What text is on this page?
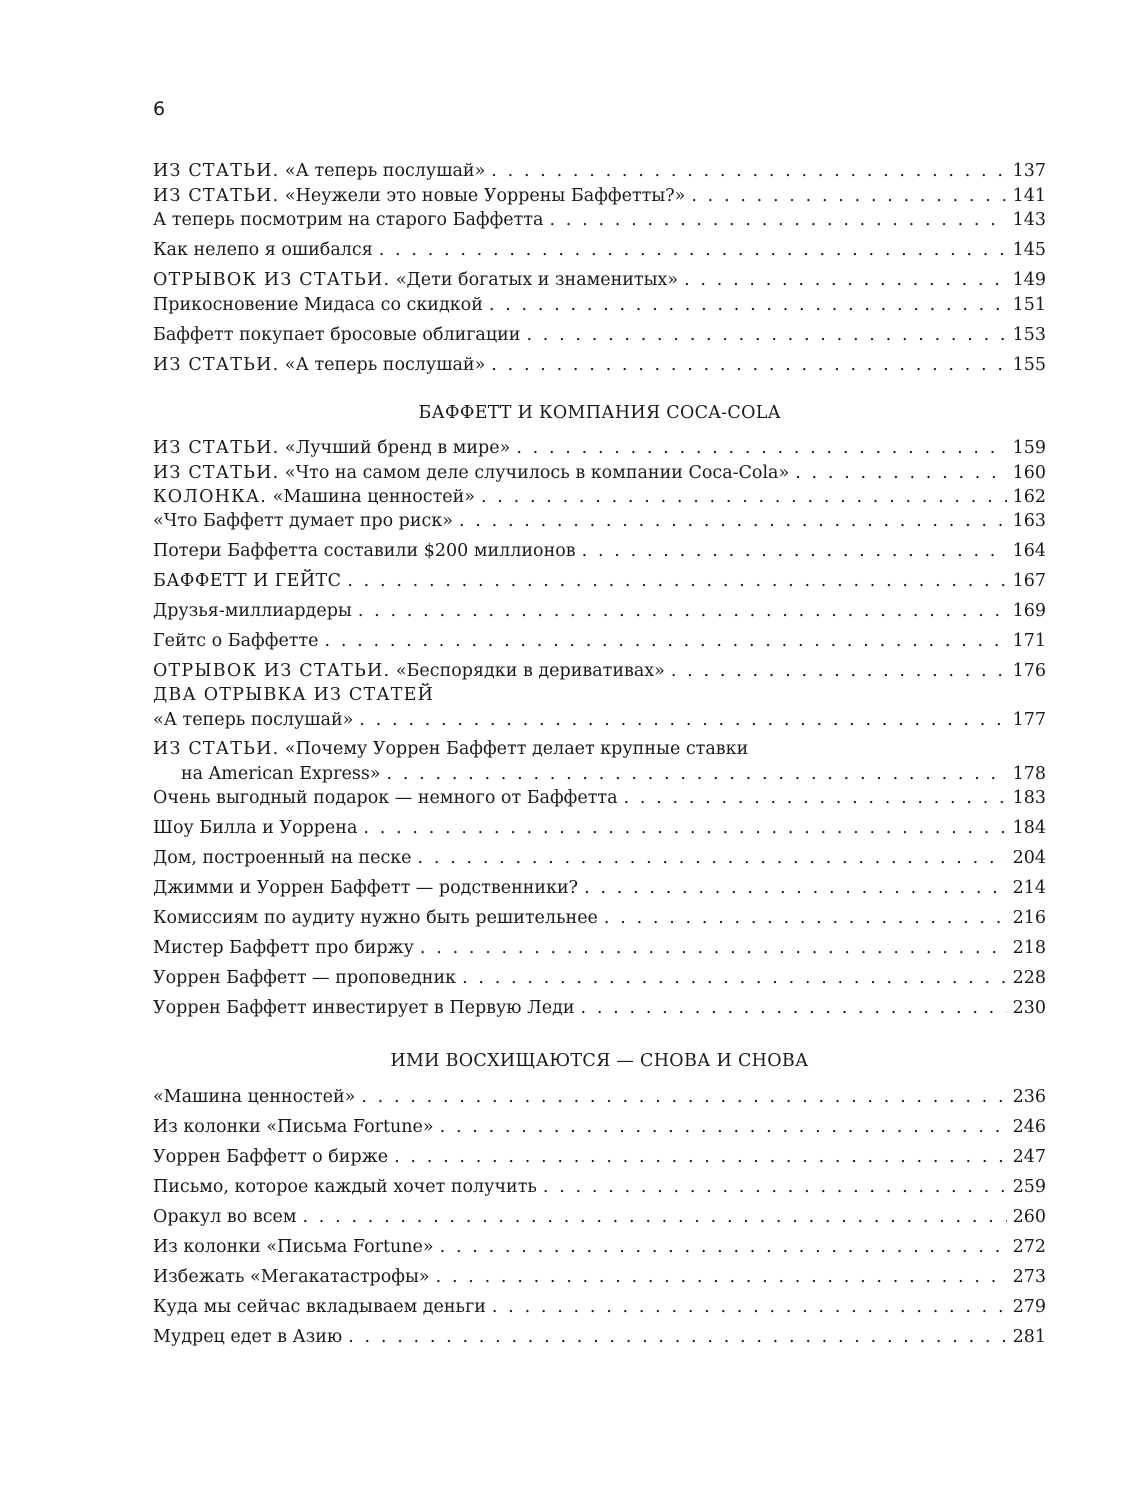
6
ИЗ СТАТЬИ. «А теперь послушай» . . .	137
ИЗ СТАТЬИ. «Неужели это новые Уоррены Баффетты?» . . .	141
А теперь посмотрим на старого Баффетта . . .	143
Как нелепо я ошибался . . .	145
ОТРЫВОК ИЗ СТАТЬИ. «Дети богатых и знаменитых» . . .	149
Прикосновение Мидаса со скидкой . . .	151
Баффетт покупает бросовые облигации . . .	153
ИЗ СТАТЬИ. «А теперь послушай» . . .	155
БАФФЕТТ И КОМПАНИЯ COCA-COLA
ИЗ СТАТЬИ. «Лучший бренд в мире» . . .	159
ИЗ СТАТЬИ. «Что на самом деле случилось в компании Coca-Cola» . . .	160
КОЛОНКА. «Машина ценностей» . . .	162
«Что Баффетт думает про риск» . . .	163
Потери Баффетта составили $200 миллионов . . .	164
БАФФЕТТ И ГЕЙТС . . .	167
Друзья-миллиардеры . . .	169
Гейтс о Баффетте . . .	171
ОТРЫВОК ИЗ СТАТЬИ. «Беспорядки в деривативах» . . .	176
ДВА ОТРЫВКА ИЗ СТАТЕЙ
«А теперь послушай» . . .	177
ИЗ СТАТЬИ. «Почему Уоррен Баффетт делает крупные ставки
на American Express» . . .	178
Очень выгодный подарок — немного от Баффетта . . .	183
Шоу Билла и Уоррена . . .	184
Дом, построенный на песке . . .	204
Джимми и Уоррен Баффетт — родственники? . . .	214
Комиссиям по аудиту нужно быть решительнее . . .	216
Мистер Баффетт про биржу . . .	218
Уоррен Баффетт — проповедник . . .	228
Уоррен Баффетт инвестирует в Первую Леди . . .	230
ИМИ ВОСХИЩАЮТСЯ — СНОВА И СНОВА
«Машина ценностей» . . .	236
Из колонки «Письма Fortune» . . .	246
Уоррен Баффетт о бирже . . .	247
Письмо, которое каждый хочет получить . . .	259
Оракул во всем . . .	260
Из колонки «Письма Fortune» . . .	272
Избежать «Мегакатастрофы» . . .	273
Куда мы сейчас вкладываем деньги . . .	279
Мудрец едет в Азию . . .	281
